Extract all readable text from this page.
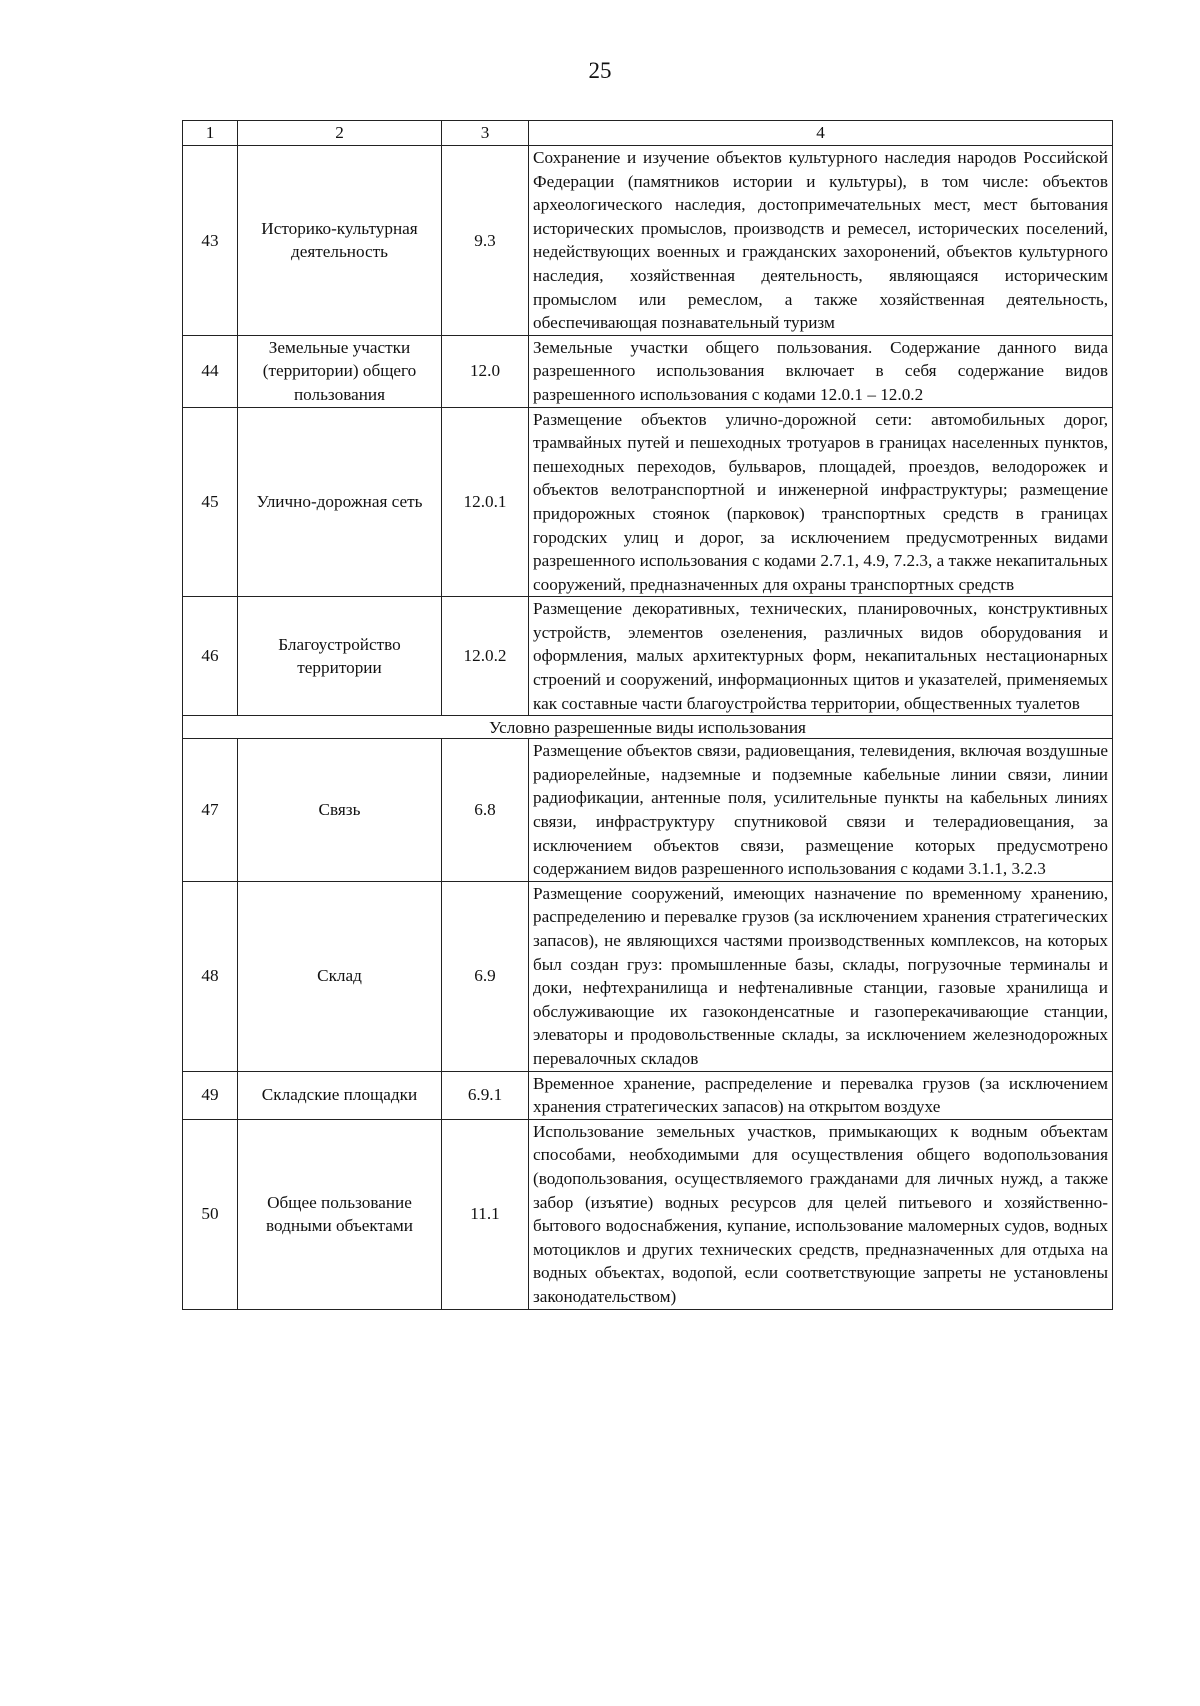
25
1	2	3	4
43	Историко-культурная деятельность	9.3	Сохранение и изучение объектов культурного наследия народов Российской Федерации (памятников истории и культуры), в том числе: объектов археологического наследия, достопримечательных мест, мест бытования исторических промыслов, производств и ремесел, исторических поселений, недействующих военных и гражданских захоронений, объектов культурного наследия, хозяйственная деятельность, являющаяся историческим промыслом или ремеслом, а также хозяйственная деятельность, обеспечивающая познавательный туризм
44	Земельные участки (территории) общего пользования	12.0	Земельные участки общего пользования. Содержание данного вида разрешенного использования включает в себя содержание видов разрешенного использования с кодами 12.0.1 – 12.0.2
45	Улично-дорожная сеть	12.0.1	Размещение объектов улично-дорожной сети: автомобильных дорог, трамвайных путей и пешеходных тротуаров в границах населенных пунктов, пешеходных переходов, бульваров, площадей, проездов, велодорожек и объектов велотранспортной и инженерной инфраструктуры; размещение придорожных стоянок (парковок) транспортных средств в границах городских улиц и дорог, за исключением предусмотренных видами разрешенного использования с кодами 2.7.1, 4.9, 7.2.3, а также некапитальных сооружений, предназначенных для охраны транспортных средств
46	Благоустройство территории	12.0.2	Размещение декоративных, технических, планировочных, конструктивных устройств, элементов озеленения, различных видов оборудования и оформления, малых архитектурных форм, некапитальных нестационарных строений и сооружений, информационных щитов и указателей, применяемых как составные части благоустройства территории, общественных туалетов
Условно разрешенные виды использования			
47	Связь	6.8	Размещение объектов связи, радиовещания, телевидения, включая воздушные радиорелейные, надземные и подземные кабельные линии связи, линии радиофикации, антенные поля, усилительные пункты на кабельных линиях связи, инфраструктуру спутниковой связи и телерадиовещания, за исключением объектов связи, размещение которых предусмотрено содержанием видов разрешенного использования с кодами 3.1.1, 3.2.3
48	Склад	6.9	Размещение сооружений, имеющих назначение по временному хранению, распределению и перевалке грузов (за исключением хранения стратегических запасов), не являющихся частями производственных комплексов, на которых был создан груз: промышленные базы, склады, погрузочные терминалы и доки, нефтехранилища и нефтеналивные станции, газовые хранилища и обслуживающие их газоконденсатные и газоперекачивающие станции, элеваторы и продовольственные склады, за исключением железнодорожных перевалочных складов
49	Складские площадки	6.9.1	Временное хранение, распределение и перевалка грузов (за исключением хранения стратегических запасов) на открытом воздухе
50	Общее пользование водными объектами	11.1	Использование земельных участков, примыкающих к водным объектам способами, необходимыми для осуществления общего водопользования (водопользования, осуществляемого гражданами для личных нужд, а также забор (изъятие) водных ресурсов для целей питьевого и хозяйственно-бытового водоснабжения, купание, использование маломерных судов, водных мотоциклов и других технических средств, предназначенных для отдыха на водных объектах, водопой, если соответствующие запреты не установлены законодательством)
